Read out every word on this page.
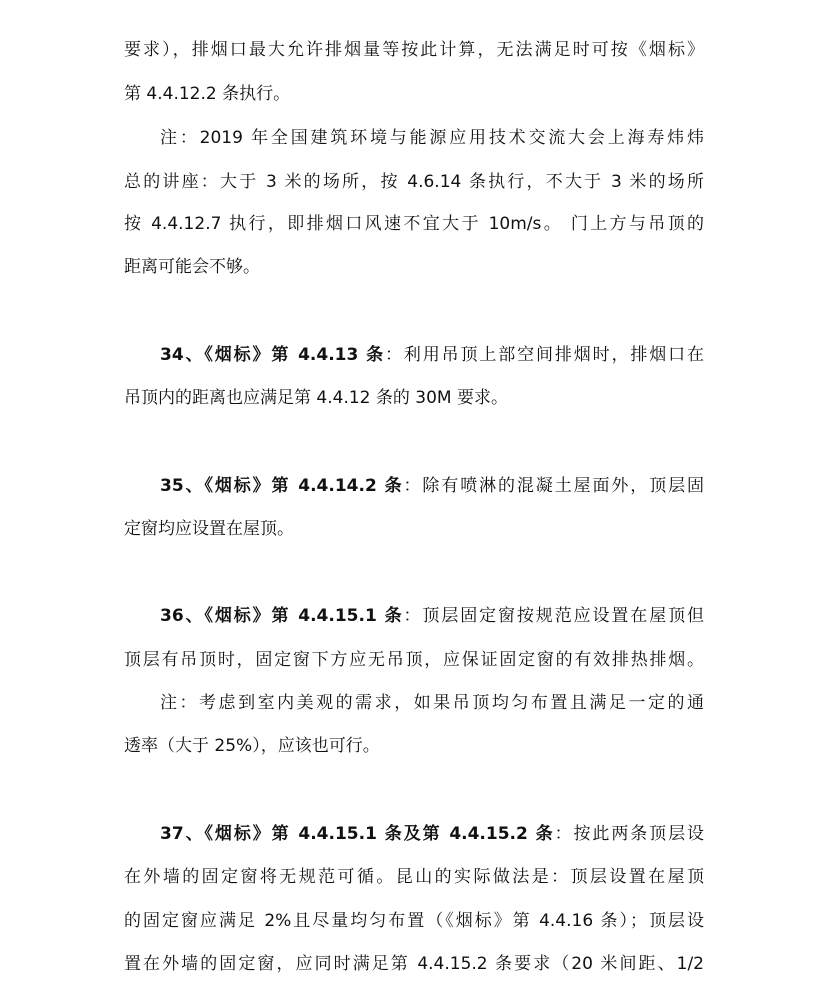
要求），排烟口最大允许排烟量等按此计算，无法满足时可按《烟标》
第 4.4.12.2 条执行。
注：2019 年全国建筑环境与能源应用技术交流大会上海寿炜炜
总的讲座：大于 3 米的场所，按 4.6.14 条执行，不大于 3 米的场所
按 4.4.12.7 执行，即排烟口风速不宜大于 10m/s。 门上方与吊顶的
距离可能会不够。
34、《烟标》第 4.4.13 条：利用吊顶上部空间排烟时，排烟口在
吊顶内的距离也应满足第 4.4.12 条的 30M 要求。
35、《烟标》第 4.4.14.2 条：除有喷淋的混凝土屋面外，顶层固
定窗均应设置在屋顶。
36、《烟标》第 4.4.15.1 条：顶层固定窗按规范应设置在屋顶但
顶层有吊顶时，固定窗下方应无吊顶，应保证固定窗的有效排热排烟。
注：考虑到室内美观的需求，如果吊顶均匀布置且满足一定的通
透率（大于 25%），应该也可行。
37、《烟标》第 4.4.15.1 条及第 4.4.15.2 条：按此两条顶层设
在外墙的固定窗将无规范可循。昆山的实际做法是：顶层设置在屋顶
的固定窗应满足 2%且尽量均匀布置（《烟标》第 4.4.16 条）；顶层设
置在外墙的固定窗，应同时满足第 4.4.15.2 条要求（20 米间距、1/2
